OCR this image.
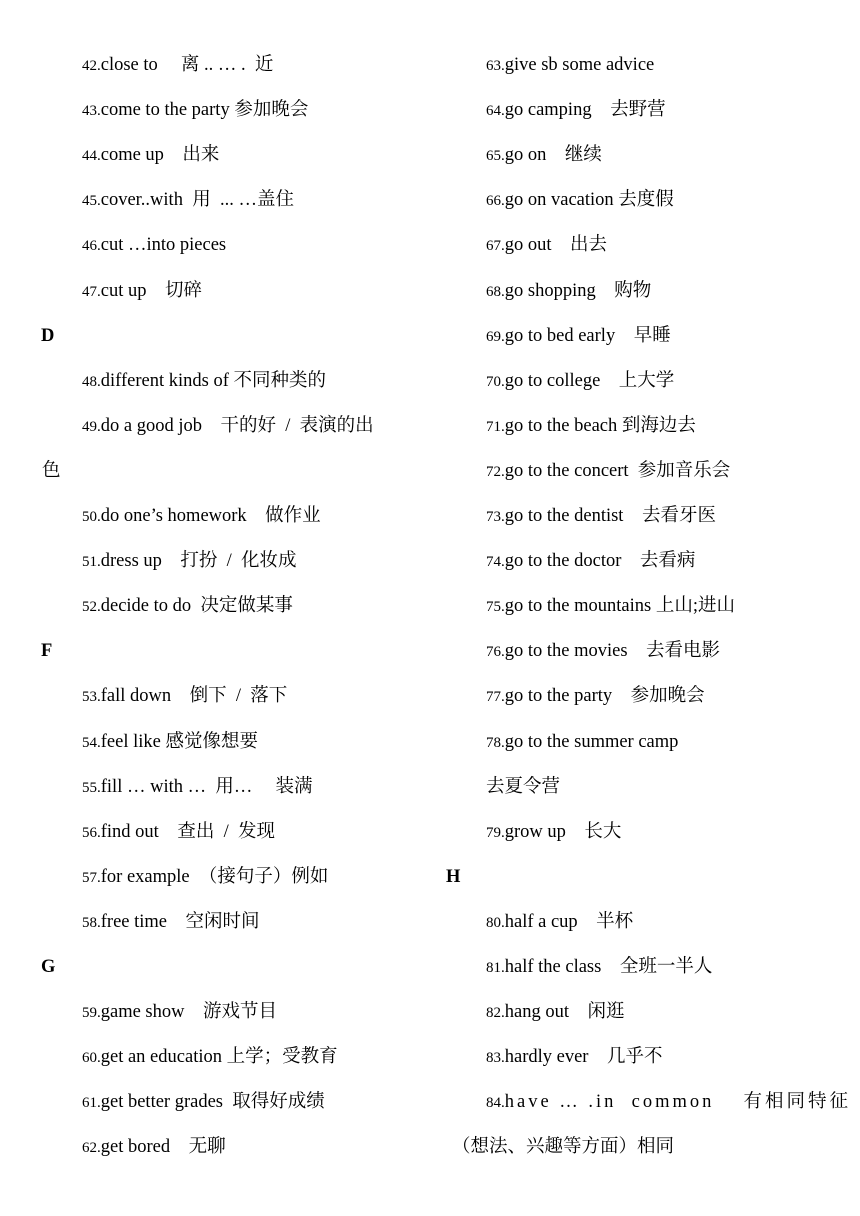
42.close to　 离 .. … .  近
43.come to the party 参加晚会
44.come up　出来
45.cover..with  用  ... …盖住
46.cut …into pieces
47.cut up　切碎
D
48.different kinds of 不同种类的
49.do a good job　干的好  /  表演的出
色
50.do one’s homework　做作业
51.dress up　打扮  /  化妆成
52.decide to do  决定做某事
F
53.fall down　倒下  /  落下
54.feel like 感觉像想要
55.fill … with …  用…　 装满
56.find out　查出  /  发现
57.for example  （接句子）例如
58.free time　空闲时间
G
59.game show　游戏节目
60.get an education 上学；受教育
61.get better grades  取得好成绩
62.get bored　无聊
63.give sb some advice
64.go camping　去野营
65.go on　继续
66.go on vacation 去度假
67.go out　出去
68.go shopping　购物
69.go to bed early　早睡
70.go to college　上大学
71.go to the beach 到海边去
72.go to the concert  参加音乐会
73.go to the dentist　去看牙医
74.go to the doctor　去看病
75.go to the mountains 上山;进山
76.go to the movies　去看电影
77.go to the party　参加晚会
78.go to the summer camp
去夏令营
79.grow up　长大
H
80.half a cup　半杯
81.half the class　全班一半人
82.hang out　闲逛
83.hardly ever　几乎不
84.have … .in  common　 有相同特征
（想法、兴趣等方面）相同
